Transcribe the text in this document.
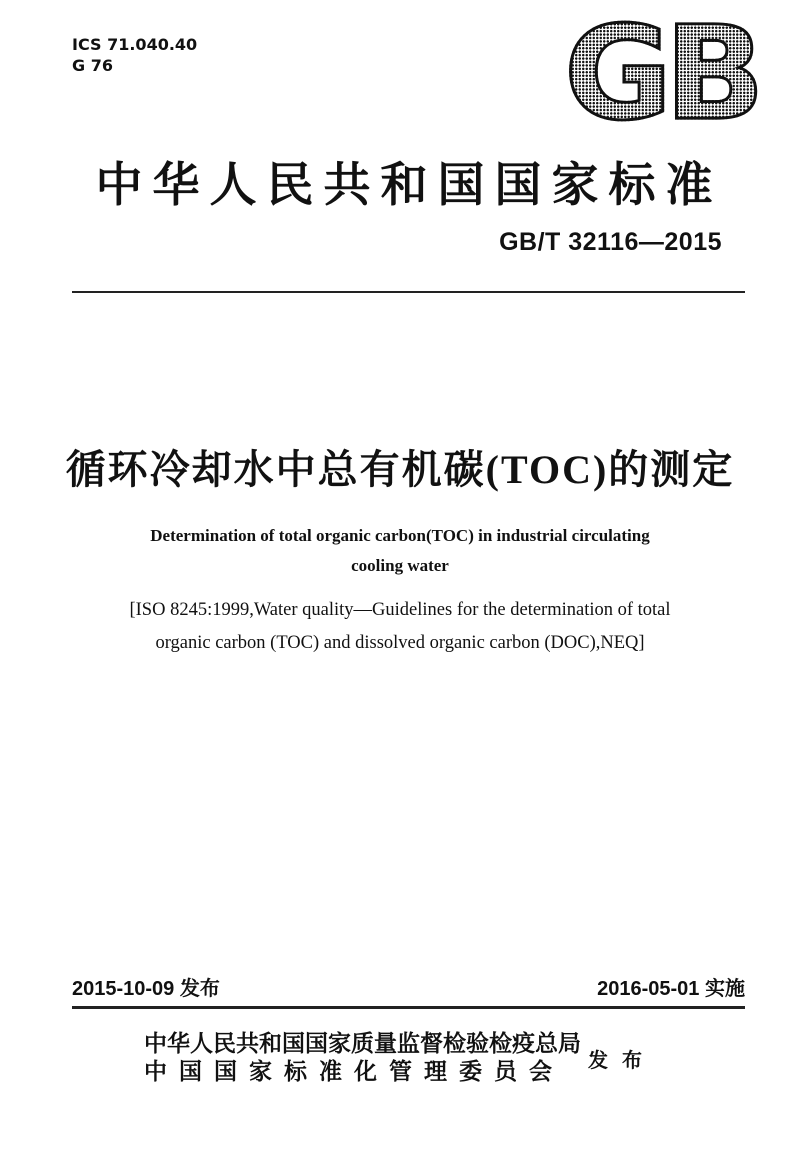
ICS 71.040.40
G 76	GB
中华人民共和国国家标准
GB/T 32116—2015
循环冷却水中总有机碳(TOC)的测定
Determination of total organic carbon(TOC) in industrial circulating
cooling water
[ISO 8245:1999,Water quality—Guidelines for the determination of total
organic carbon (TOC) and dissolved organic carbon (DOC),NEQ]
2015-10-09 发布	2016-05-01 实施
中华人民共和国国家质量监督检验检疫总局
中国国家标准化管理委员会 发布
